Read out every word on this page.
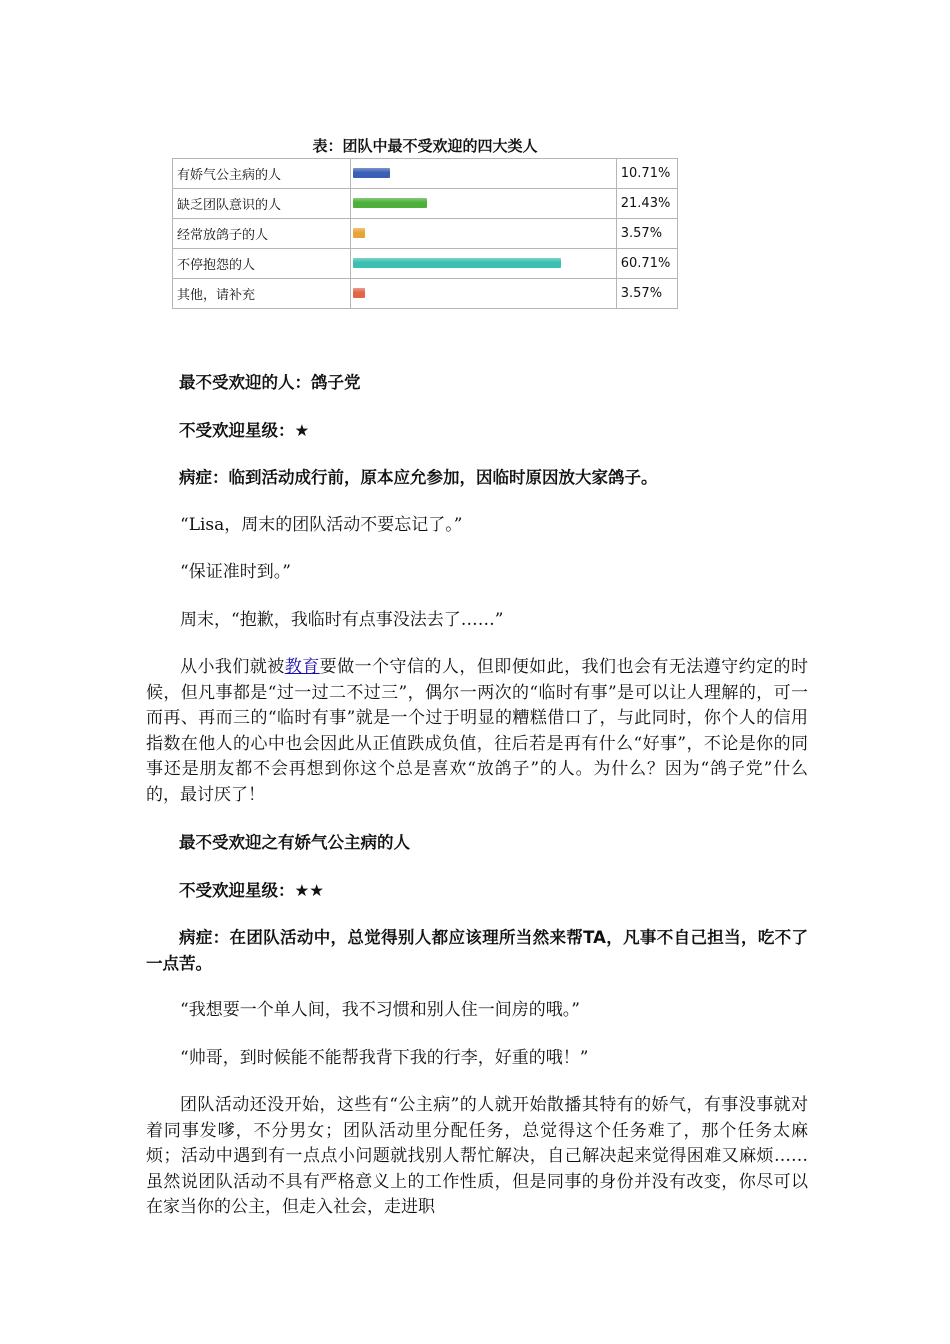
表：团队中最不受欢迎的四大类人
有娇气公主病的人		10.71%
缺乏团队意识的人		21.43%
经常放鸽子的人		3.57%
不停抱怨的人		60.71%
其他，请补充		3.57%

最不受欢迎的人：鸽子党

不受欢迎星级：★

病症：临到活动成行前，原本应允参加，因临时原因放大家鸽子。

“Lisa，周末的团队活动不要忘记了。”

“保证准时到。”

周末，“抱歉，我临时有点事没法去了……”

从小我们就被教育要做一个守信的人，但即便如此，我们也会有无法遵守约定的时候，但凡事都是“过一过二不过三”，偶尔一两次的“临时有事”是可以让人理解的，可一而再、再而三的“临时有事”就是一个过于明显的糟糕借口了，与此同时，你个人的信用指数在他人的心中也会因此从正值跌成负值，往后若是再有什么“好事”，不论是你的同事还是朋友都不会再想到你这个总是喜欢“放鸽子”的人。为什么？因为“鸽子党”什么的，最讨厌了！

最不受欢迎之有娇气公主病的人

不受欢迎星级：★★

病症：在团队活动中，总觉得别人都应该理所当然来帮TA，凡事不自己担当，吃不了一点苦。

“我想要一个单人间，我不习惯和别人住一间房的哦。”

“帅哥，到时候能不能帮我背下我的行李，好重的哦！”

团队活动还没开始，这些有“公主病”的人就开始散播其特有的娇气，有事没事就对着同事发嗲，不分男女；团队活动里分配任务，总觉得这个任务难了，那个任务太麻烦；活动中遇到有一点点小问题就找别人帮忙解决，自己解决起来觉得困难又麻烦……虽然说团队活动不具有严格意义上的工作性质，但是同事的身份并没有改变，你尽可以在家当你的公主，但走入社会，走进职
